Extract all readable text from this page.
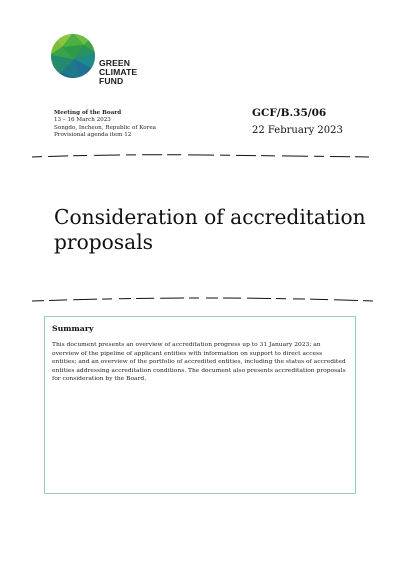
GREEN
CLIMATE
FUND
Meeting of the Board
13 – 16 March 2023
Songdo, Incheon, Republic of Korea
Provisional agenda item 12
GCF/B.35/06
22 February 2023
Consideration of accreditation proposals
Summary
This document presents an overview of accreditation progress up to 31 January 2023; an overview of the pipeline of applicant entities with information on support to direct access entities; and an overview of the portfolio of accredited entities, including the status of accredited entities addressing accreditation conditions. The document also presents accreditation proposals for consideration by the Board.
